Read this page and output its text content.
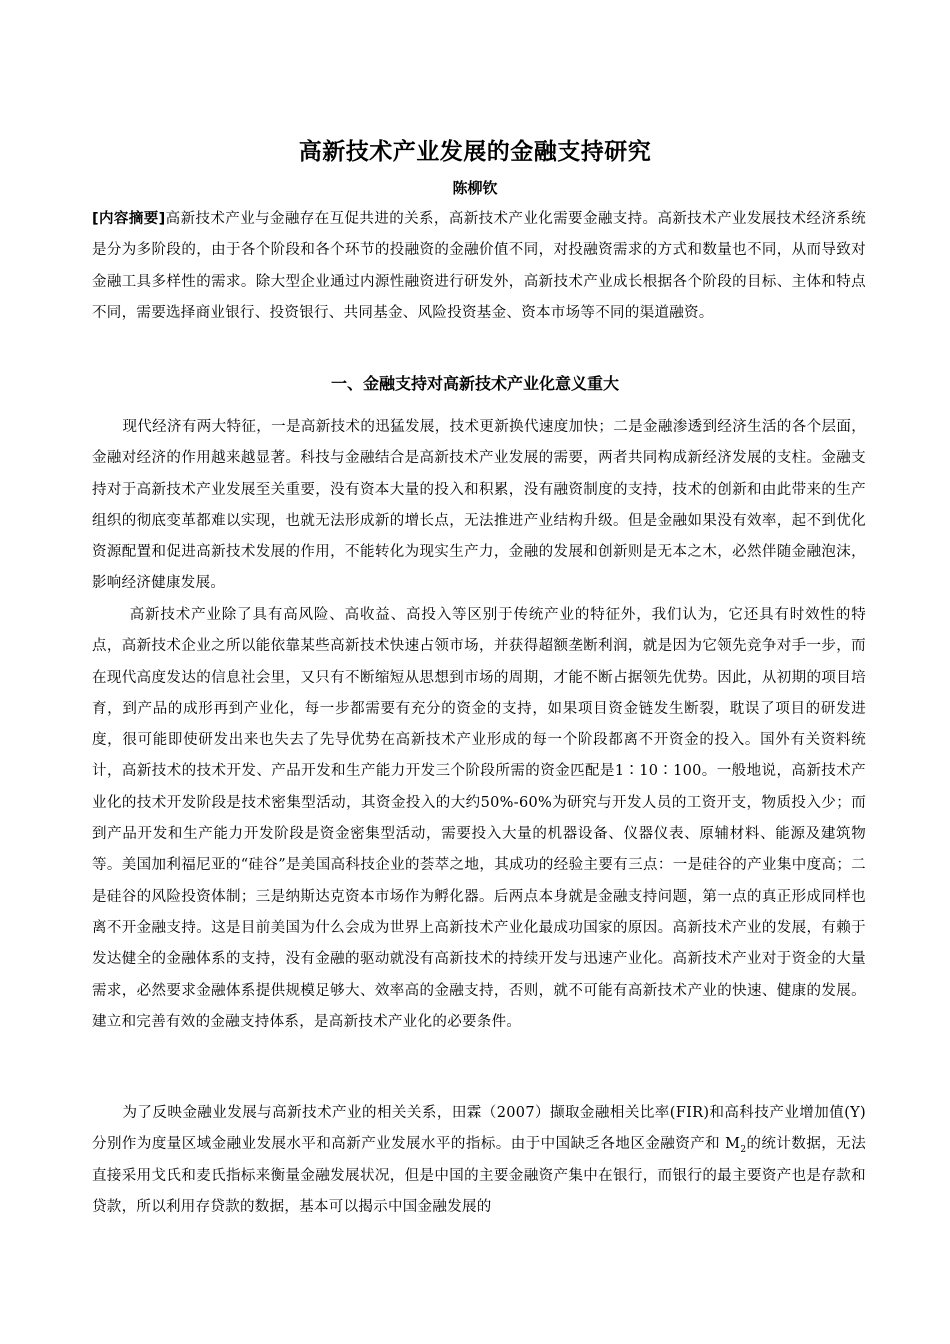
高新技术产业发展的金融支持研究
陈柳钦

[内容摘要]高新技术产业与金融存在互促共进的关系，高新技术产业化需要金融支持。高新技术产业发展技术经济系统是分为多阶段的，由于各个阶段和各个环节的投融资的金融价值不同，对投融资需求的方式和数量也不同，从而导致对金融工具多样性的需求。除大型企业通过内源性融资进行研发外，高新技术产业成长根据各个阶段的目标、主体和特点不同，需要选择商业银行、投资银行、共同基金、风险投资基金、资本市场等不同的渠道融资。

一、金融支持对高新技术产业化意义重大

现代经济有两大特征，一是高新技术的迅猛发展，技术更新换代速度加快；二是金融渗透到经济生活的各个层面，金融对经济的作用越来越显著。科技与金融结合是高新技术产业发展的需要，两者共同构成新经济发展的支柱。金融支持对于高新技术产业发展至关重要，没有资本大量的投入和积累，没有融资制度的支持，技术的创新和由此带来的生产组织的彻底变革都难以实现，也就无法形成新的增长点，无法推进产业结构升级。但是金融如果没有效率，起不到优化资源配置和促进高新技术发展的作用，不能转化为现实生产力，金融的发展和创新则是无本之木，必然伴随金融泡沫，影响经济健康发展。

高新技术产业除了具有高风险、高收益、高投入等区别于传统产业的特征外，我们认为，它还具有时效性的特点，高新技术企业之所以能依靠某些高新技术快速占领市场，并获得超额垄断利润，就是因为它领先竞争对手一步，而在现代高度发达的信息社会里，又只有不断缩短从思想到市场的周期，才能不断占据领先优势。因此，从初期的项目培育，到产品的成形再到产业化，每一步都需要有充分的资金的支持，如果项目资金链发生断裂，耽误了项目的研发进度，很可能即使研发出来也失去了先导优势在高新技术产业形成的每一个阶段都离不开资金的投入。国外有关资料统计，高新技术的技术开发、产品开发和生产能力开发三个阶段所需的资金匹配是1∶10∶100。一般地说，高新技术产业化的技术开发阶段是技术密集型活动，其资金投入的大约50%-60%为研究与开发人员的工资开支，物质投入少；而到产品开发和生产能力开发阶段是资金密集型活动，需要投入大量的机器设备、仪器仪表、原辅材料、能源及建筑物等。美国加利福尼亚的“硅谷”是美国高科技企业的荟萃之地，其成功的经验主要有三点：一是硅谷的产业集中度高；二是硅谷的风险投资体制；三是纳斯达克资本市场作为孵化器。后两点本身就是金融支持问题，第一点的真正形成同样也离不开金融支持。这是目前美国为什么会成为世界上高新技术产业化最成功国家的原因。高新技术产业的发展，有赖于发达健全的金融体系的支持，没有金融的驱动就没有高新技术的持续开发与迅速产业化。高新技术产业对于资金的大量需求，必然要求金融体系提供规模足够大、效率高的金融支持，否则，就不可能有高新技术产业的快速、健康的发展。建立和完善有效的金融支持体系，是高新技术产业化的必要条件。

为了反映金融业发展与高新技术产业的相关关系，田霖（2007）撷取金融相关比率(FIR)和高科技产业增加值(Y)分别作为度量区域金融业发展水平和高新产业发展水平的指标。由于中国缺乏各地区金融资产和 $M_2$的统计数据，无法直接采用戈氏和麦氏指标来衡量金融发展状况，但是中国的主要金融资产集中在银行，而银行的最主要资产也是存款和贷款，所以利用存贷款的数据，基本可以揭示中国金融发展的
